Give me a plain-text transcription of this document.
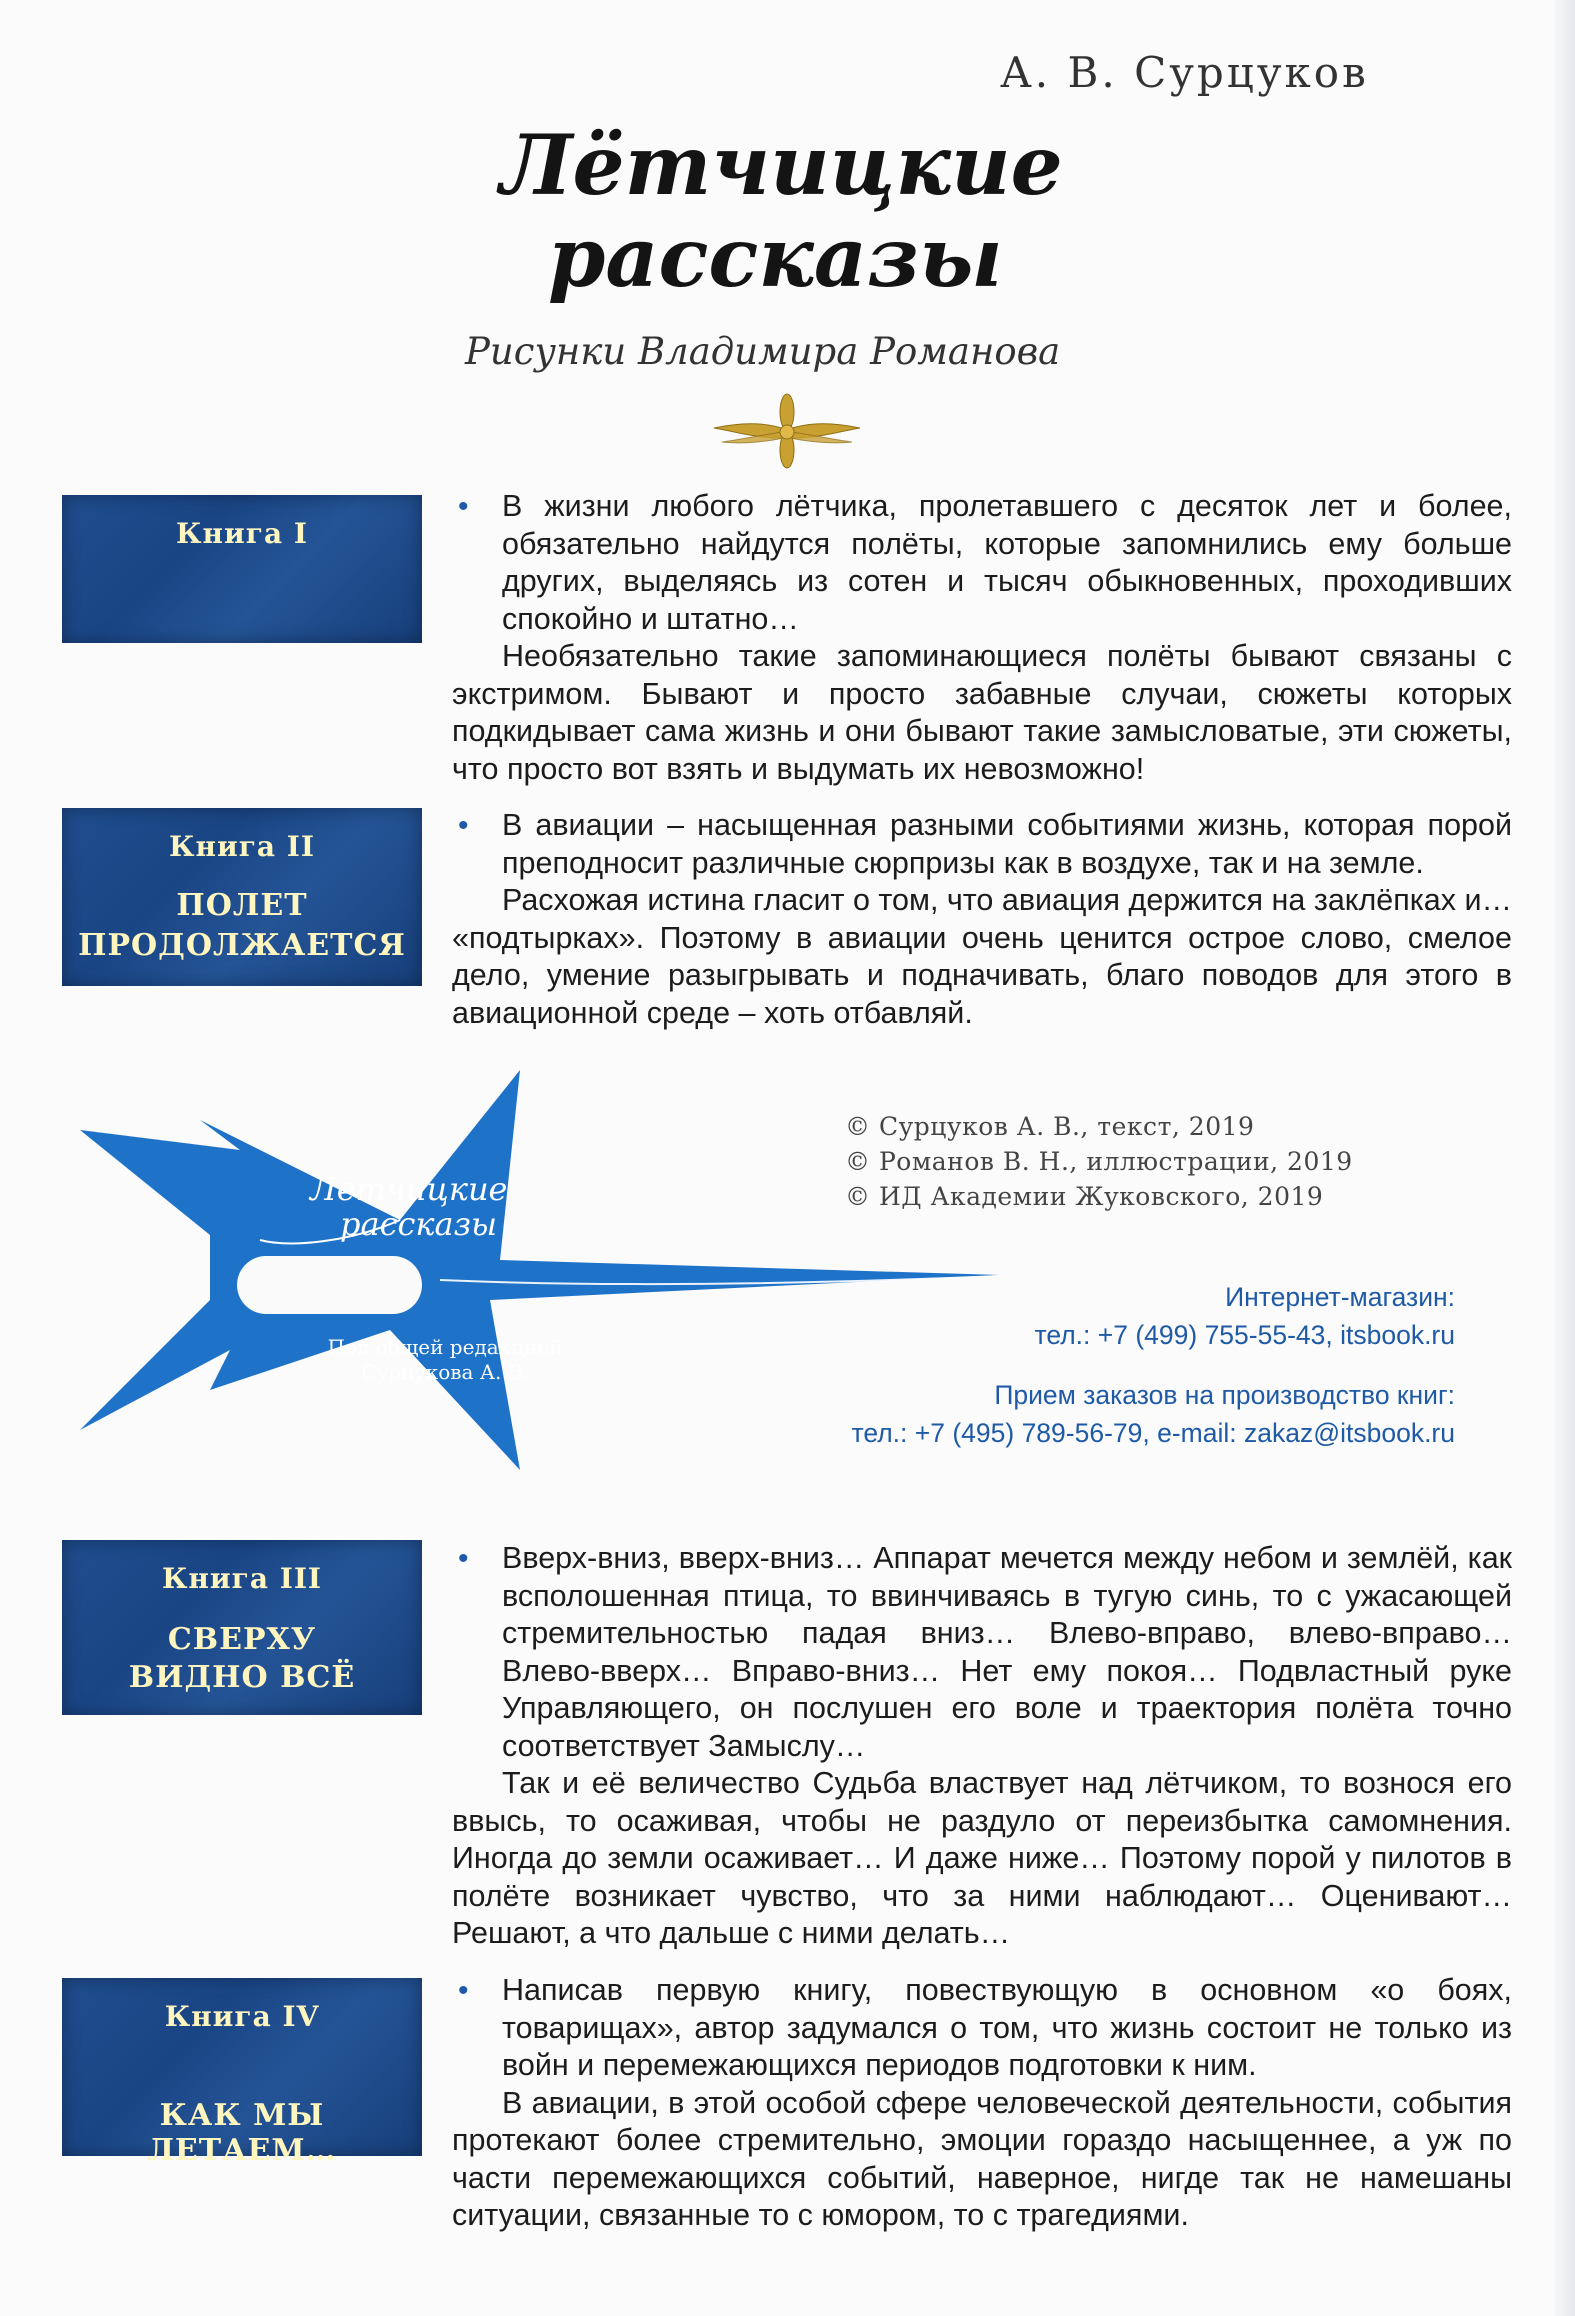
А. В. Сурцуков
Лётчицкие
рассказы
Рисунки Владимира Романова
Книга I

• В жизни любого лётчика, пролетавшего с десяток лет и более, обязательно найдутся полёты, которые запомнились ему больше других, выделяясь из сотен и тысяч обыкновенных, проходивших спокойно и штатно…

Необязательно такие запоминающиеся полёты бывают связаны с экстримом. Бывают и просто забавные случаи, сюжеты которых подкидывает сама жизнь и они бывают такие замысловатые, эти сюжеты, что просто вот взять и выдумать их невозможно!

Книга II
ПОЛЕТ
ПРОДОЛЖАЕТСЯ

• В авиации – насыщенная разными событиями жизнь, которая порой преподносит различные сюрпризы как в воздухе, так и на земле.

Расхожая истина гласит о том, что авиация держится на заклёпках и… «подтырках». Поэтому в авиации очень ценится острое слово, смелое дело, умение разыгрывать и подначивать, благо поводов для этого в авиационной среде – хоть отбавляй.

Летчицкие
рассказы
Под общей редакцией
Сурцукова А. В.
© Сурцуков А. В., текст, 2019
© Романов В. Н., иллюстрации, 2019
© ИД Академии Жуковского, 2019
Интернет-магазин:
тел.: +7 (499) 755-55-43, itsbook.ru
Прием заказов на производство книг:
тел.: +7 (495) 789-56-79, e-mail: zakaz@itsbook.ru
Книга III
СВЕРХУ
ВИДНО ВСЁ

• Вверх-вниз, вверх-вниз… Аппарат мечется между небом и землёй, как всполошенная птица, то ввинчиваясь в тугую синь, то с ужасающей стремительностью падая вниз… Влево-вправо, влево-вправо… Влево-вверх… Вправо-вниз… Нет ему покоя… Подвластный руке Управляющего, он послушен его воле и траектория полёта точно соответствует Замыслу…

Так и её величество Судьба властвует над лётчиком, то вознося его ввысь, то осаживая, чтобы не раздуло от переизбытка самомнения. Иногда до земли осаживает… И даже ниже… Поэтому порой у пилотов в полёте возникает чувство, что за ними наблюдают… Оценивают… Решают, а что дальше с ними делать…

Книга IV
КАК МЫ ЛЕТАЕМ…

• Написав первую книгу, повествующую в основном «о боях, товарищах», автор задумался о том, что жизнь состоит не только из войн и перемежающихся периодов подготовки к ним.

В авиации, в этой особой сфере человеческой деятельности, события протекают более стремительно, эмоции гораздо насыщеннее, а уж по части перемежающихся событий, наверное, нигде так не намешаны ситуации, связанные то с юмором, то с трагедиями.
